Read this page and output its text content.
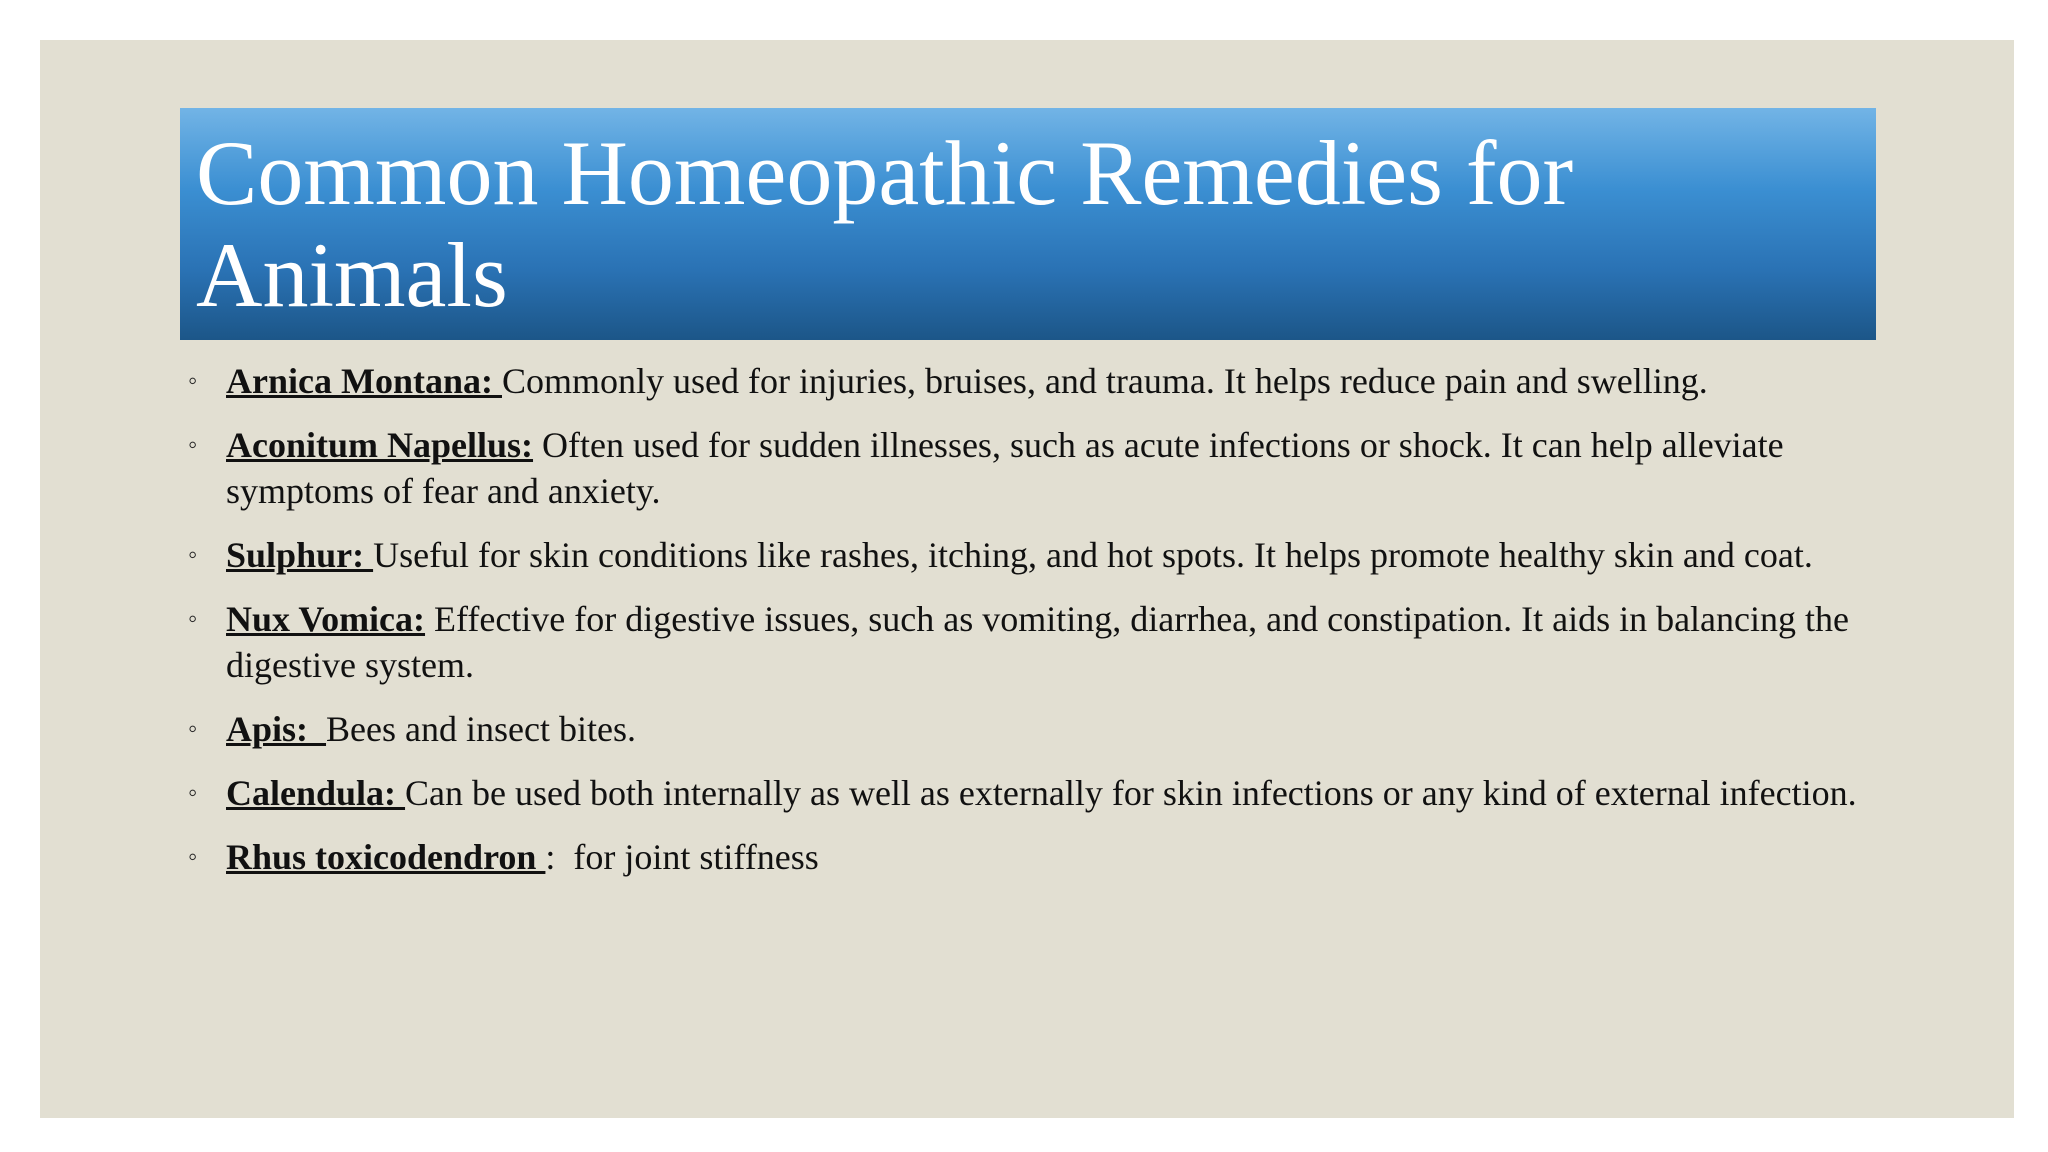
Common Homeopathic Remedies for Animals
◦ Arnica Montana: Commonly used for injuries, bruises, and trauma. It helps reduce pain and swelling.
◦ Aconitum Napellus: Often used for sudden illnesses, such as acute infections or shock. It can help alleviate symptoms of fear and anxiety.
◦ Sulphur: Useful for skin conditions like rashes, itching, and hot spots. It helps promote healthy skin and coat.
◦ Nux Vomica: Effective for digestive issues, such as vomiting, diarrhea, and constipation. It aids in balancing the digestive system.
◦ Apis:  Bees and insect bites.
◦ Calendula: Can be used both internally as well as externally for skin infections or any kind of external infection.
◦ Rhus toxicodendron :  for joint stiffness
